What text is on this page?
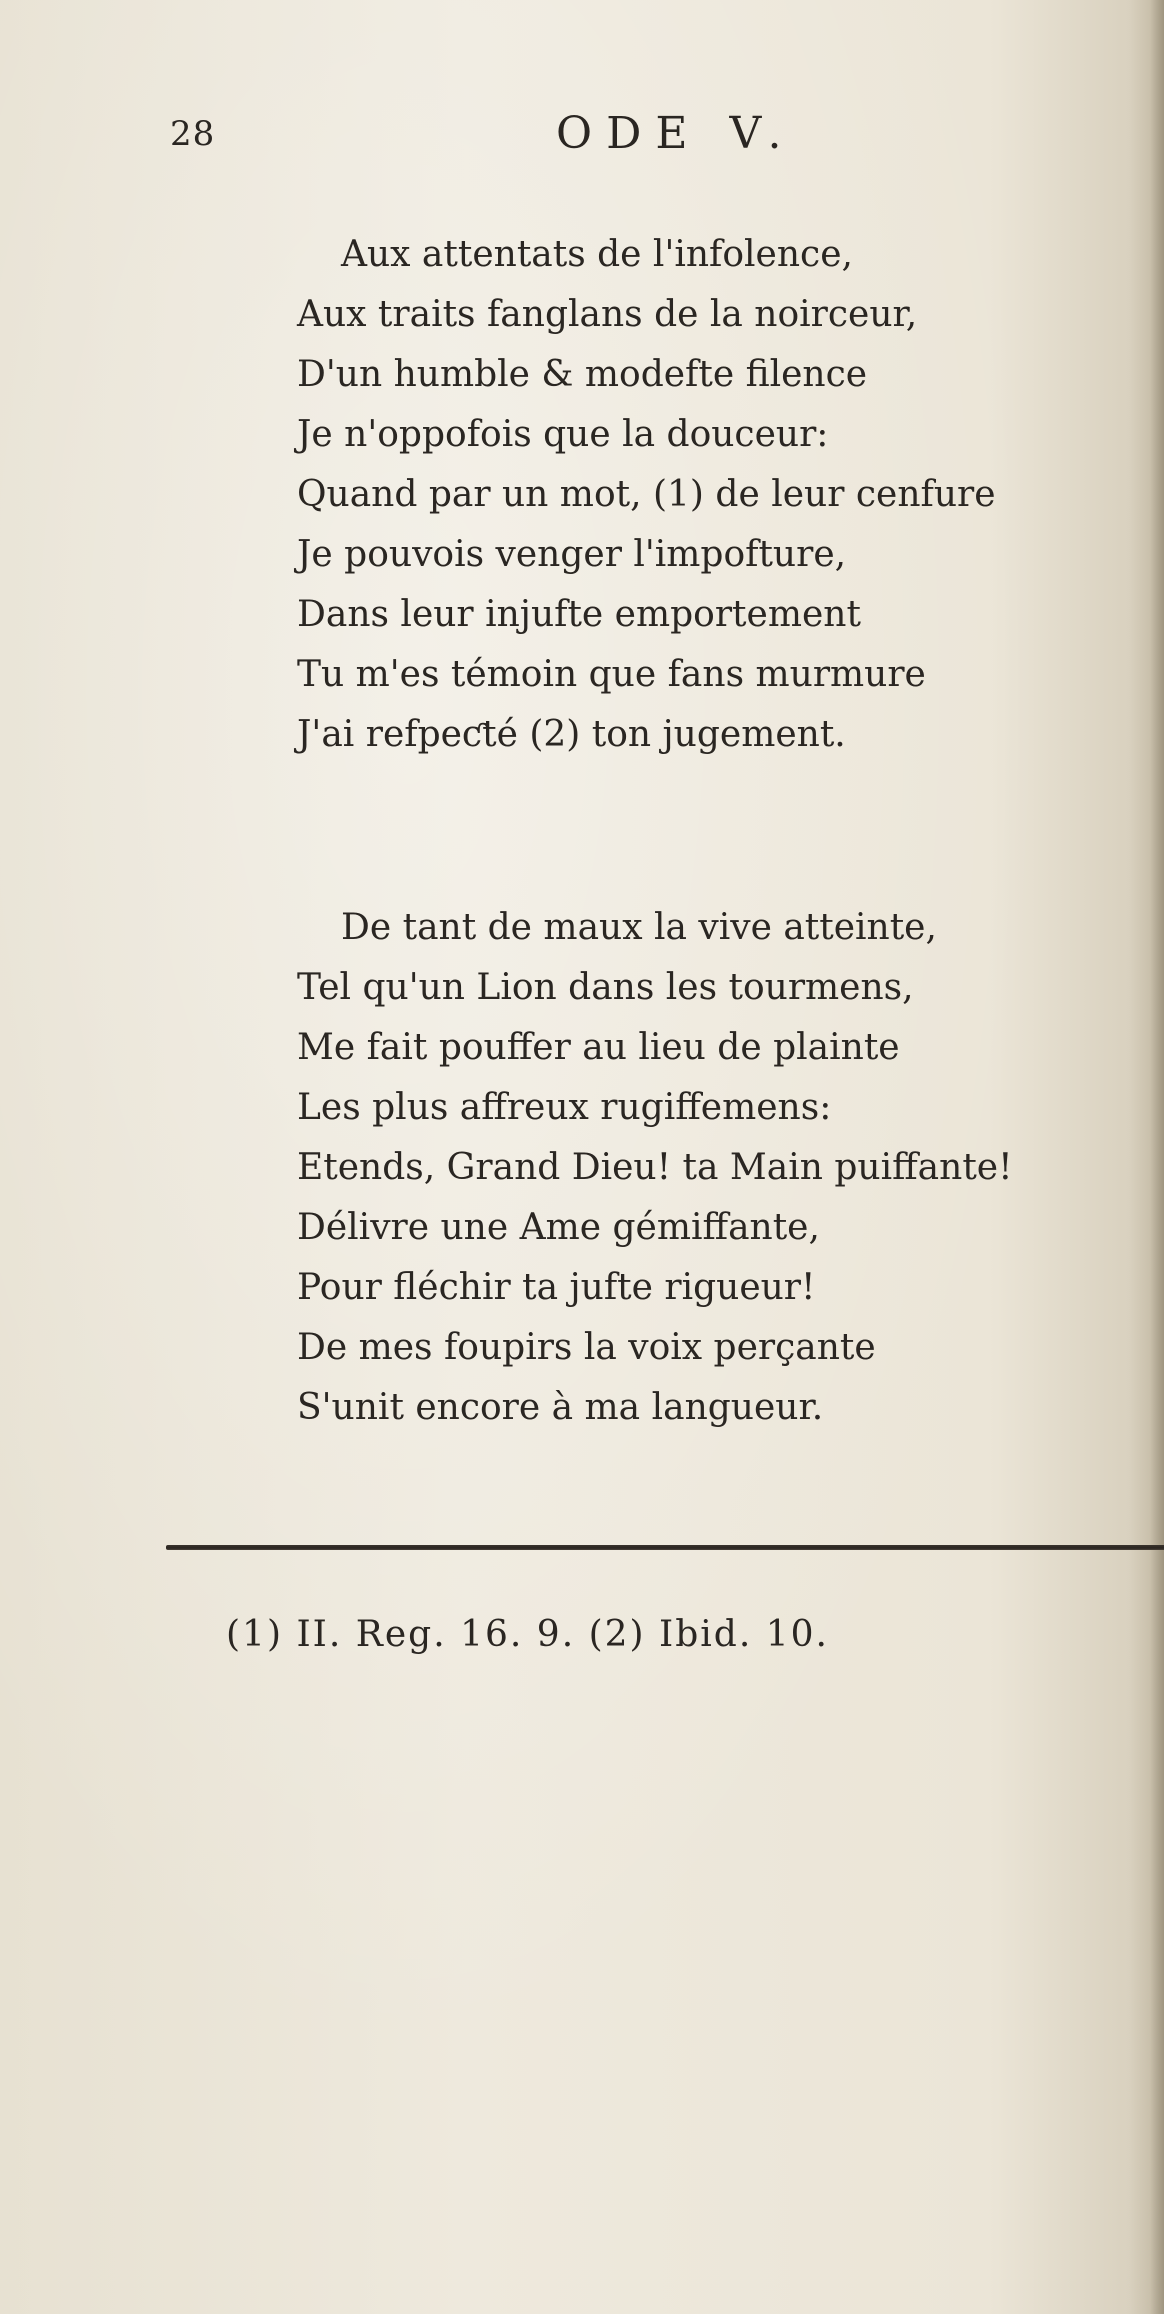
28	ODE V.
Aux attentats de l'infolence,
Aux traits fanglans de la noirceur,
D'un humble & modefte filence
Je n'oppofois que la douceur:
Quand par un mot, (1) de leur cenfure
Je pouvois venger l'impofture,
Dans leur injufte emportement
Tu m'es témoin que fans murmure
J'ai refpeƈté (2) ton jugement.
De tant de maux la vive atteinte,
Tel qu'un Lion dans les tourmens,
Me fait pouffer au lieu de plainte
Les plus affreux rugiffemens:
Etends, Grand Dieu! ta Main puiffante!
Délivre une Ame gémiffante,
Pour fléchir ta jufte rigueur!
De mes foupirs la voix perçante
S'unit encore à ma langueur.
(1) II. Reg. 16. 9. (2) Ibid. 10.
